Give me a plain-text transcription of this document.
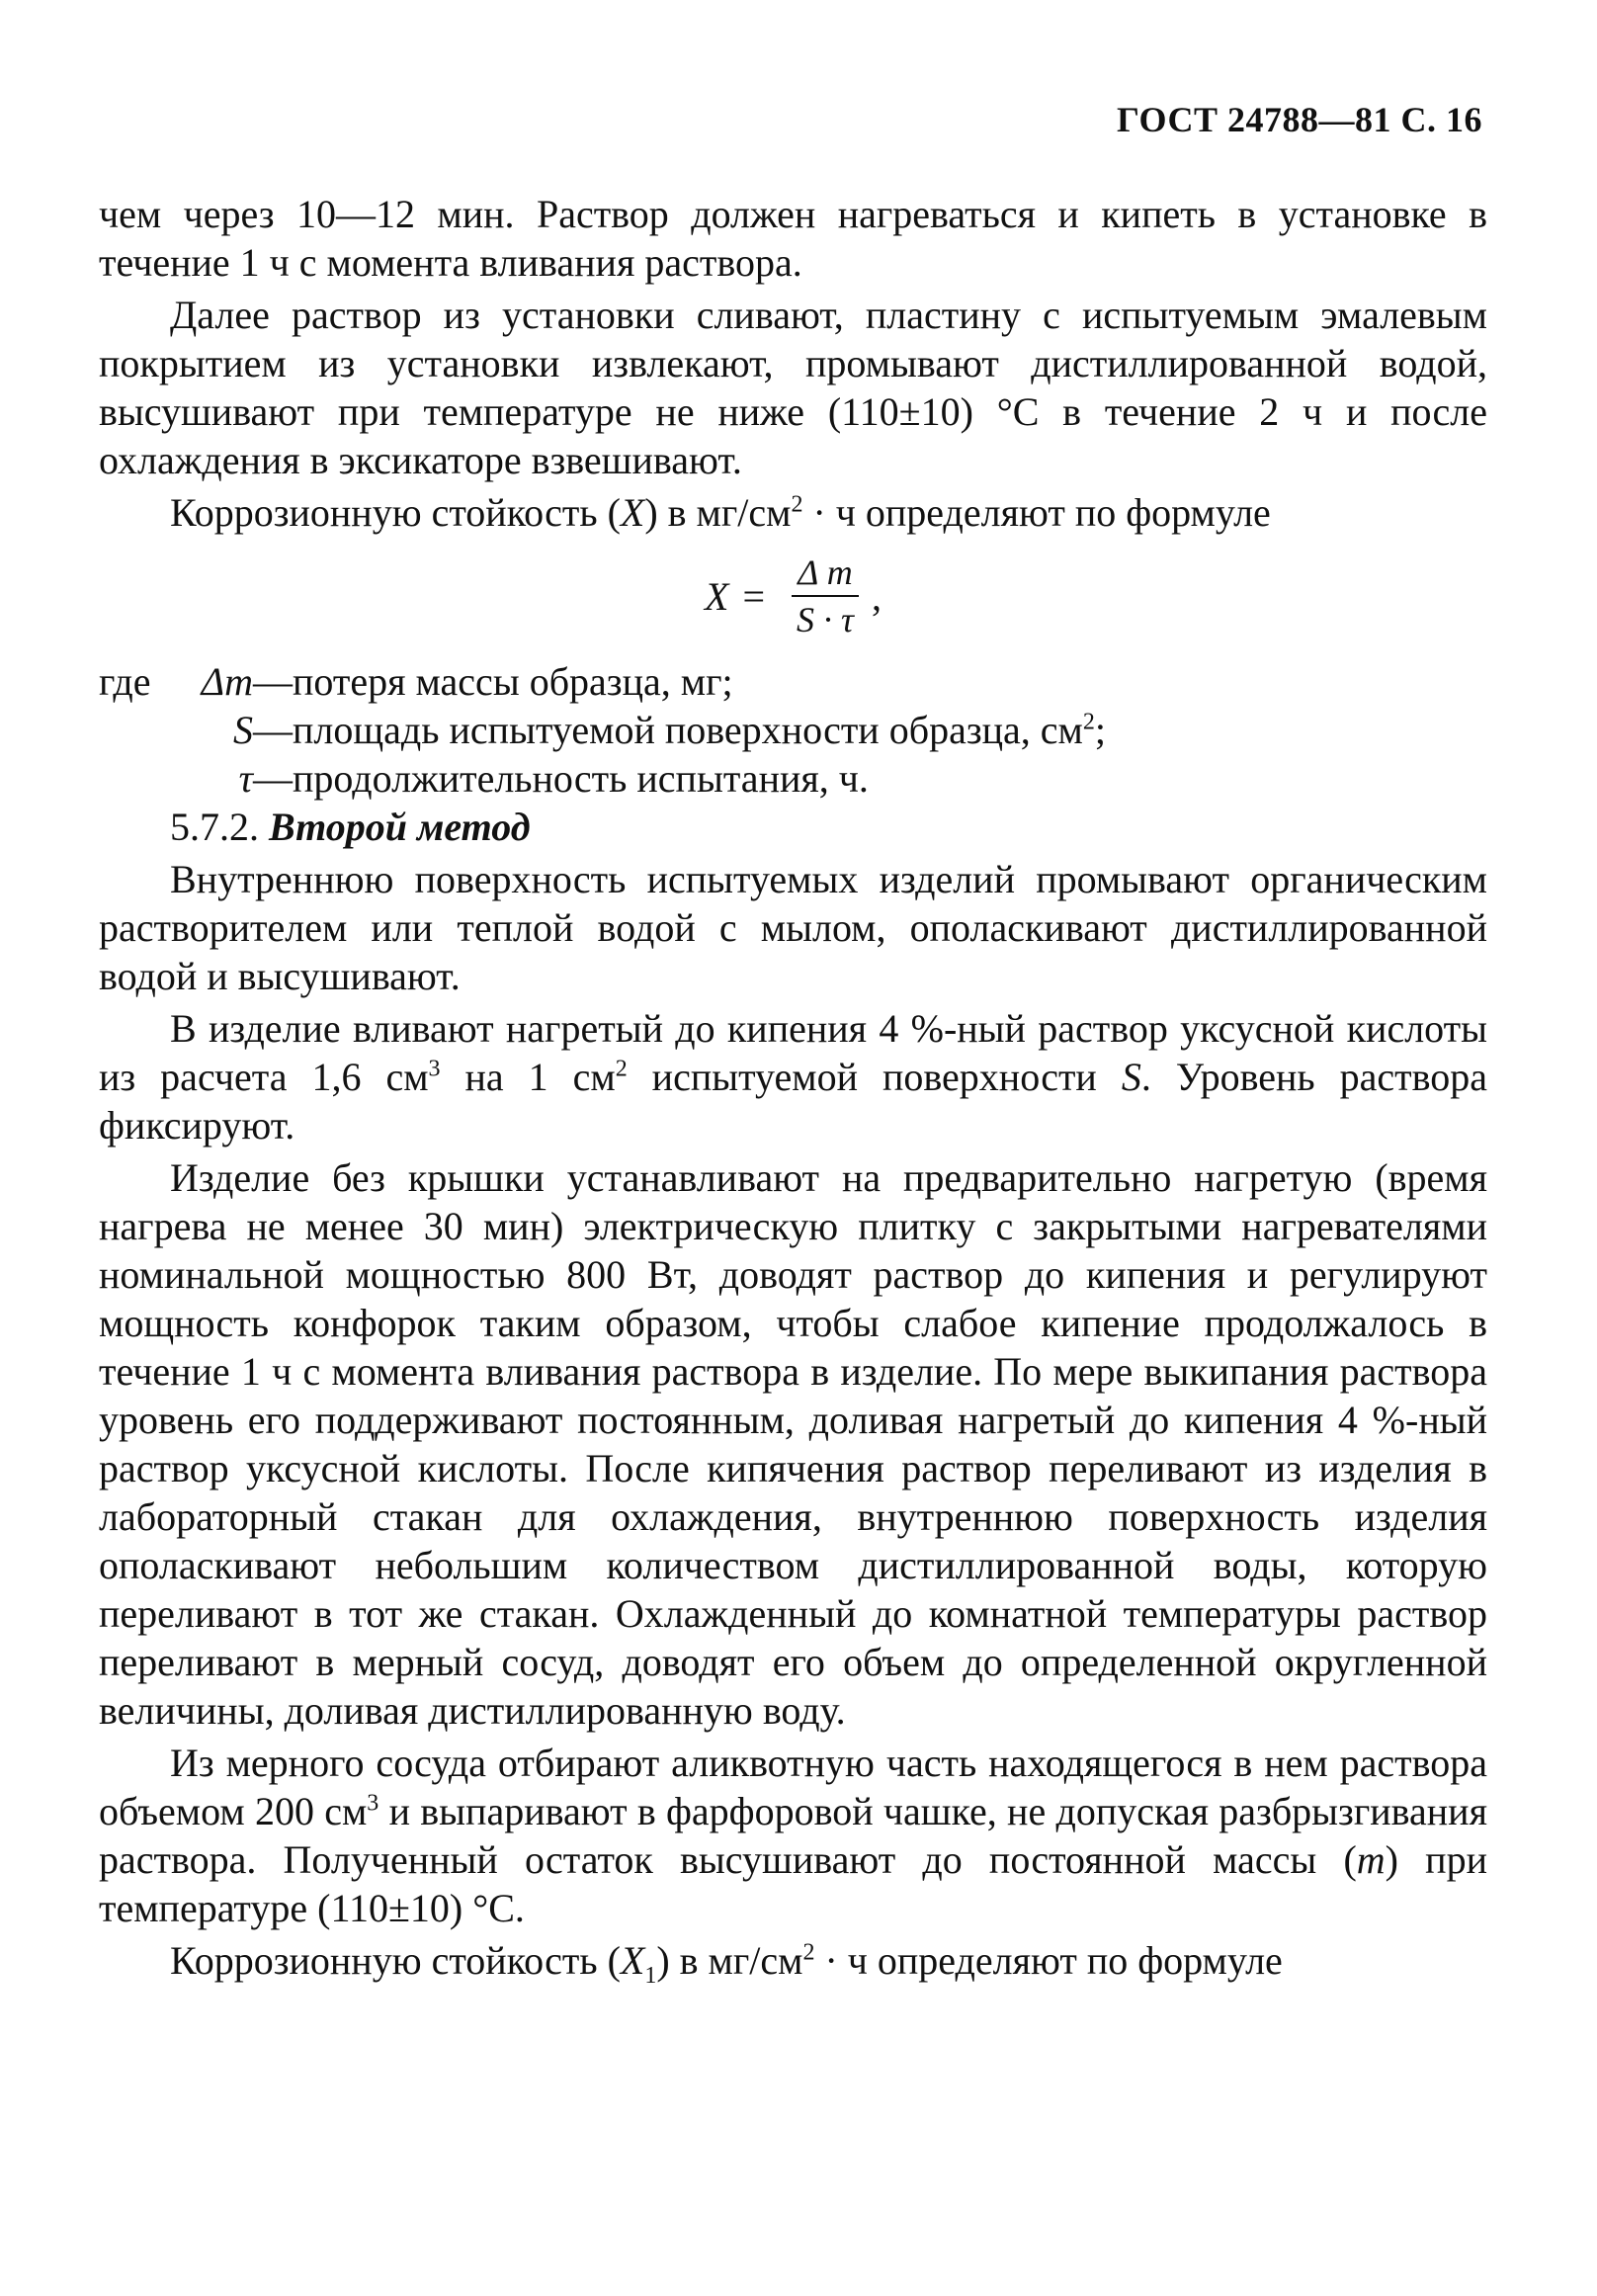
ГОСТ 24788—81 С. 16

чем через 10—12 мин. Раствор должен нагреваться и кипеть в установке в течение 1 ч с момента вливания раствора.

Далее раствор из установки сливают, пластину с испытуемым эмалевым покрытием из установки извлекают, промывают дистиллированной водой, высушивают при температуре не ниже (110±10) °С в течение 2 ч и после охлаждения в эксикаторе взвешивают.

Коррозионную стойкость (X) в $мг/см^2 \cdot ч$ определяют по формуле

$X = \frac{\text{Δ m}}{S \cdot \tau}$ ,
где	Δm —потеря массы образца, мг;
S —площадь испытуемой поверхности образца, $см^2$;
τ —продолжительность испытания, ч.

5.7.2. Второй метод

Внутреннюю поверхность испытуемых изделий промывают органическим растворителем или теплой водой с мылом, ополаскивают дистиллированной водой и высушивают.

В изделие вливают нагретый до кипения 4 %-ный раствор уксусной кислоты из расчета 1,6 $см^3$ на 1 $см^2$ испытуемой поверхности S. Уровень раствора фиксируют.

Изделие без крышки устанавливают на предварительно нагретую (время нагрева не менее 30 мин) электрическую плитку с закрытыми нагревателями номинальной мощностью 800 Вт, доводят раствор до кипения и регулируют мощность конфорок таким образом, чтобы слабое кипение продолжалось в течение 1 ч с момента вливания раствора в изделие. По мере выкипания раствора уровень его поддерживают постоянным, доливая нагретый до кипения 4 %-ный раствор уксусной кислоты. После кипячения раствор переливают из изделия в лабораторный стакан для охлаждения, внутреннюю поверхность изделия ополаскивают небольшим количеством дистиллированной воды, которую переливают в тот же стакан. Охлажденный до комнатной температуры раствор переливают в мерный сосуд, доводят его объем до определенной округленной величины, доливая дистиллированную воду.

Из мерного сосуда отбирают аликвотную часть находящегося в нем раствора объемом 200 $см^3$ и выпаривают в фарфоровой чашке, не допуская разбрызгивания раствора. Полученный остаток высушивают до постоянной массы (m) при температуре (110±10) °С.

Коррозионную стойкость $(X_1)$ в $мг/см^2 \cdot ч$ определяют по формуле
